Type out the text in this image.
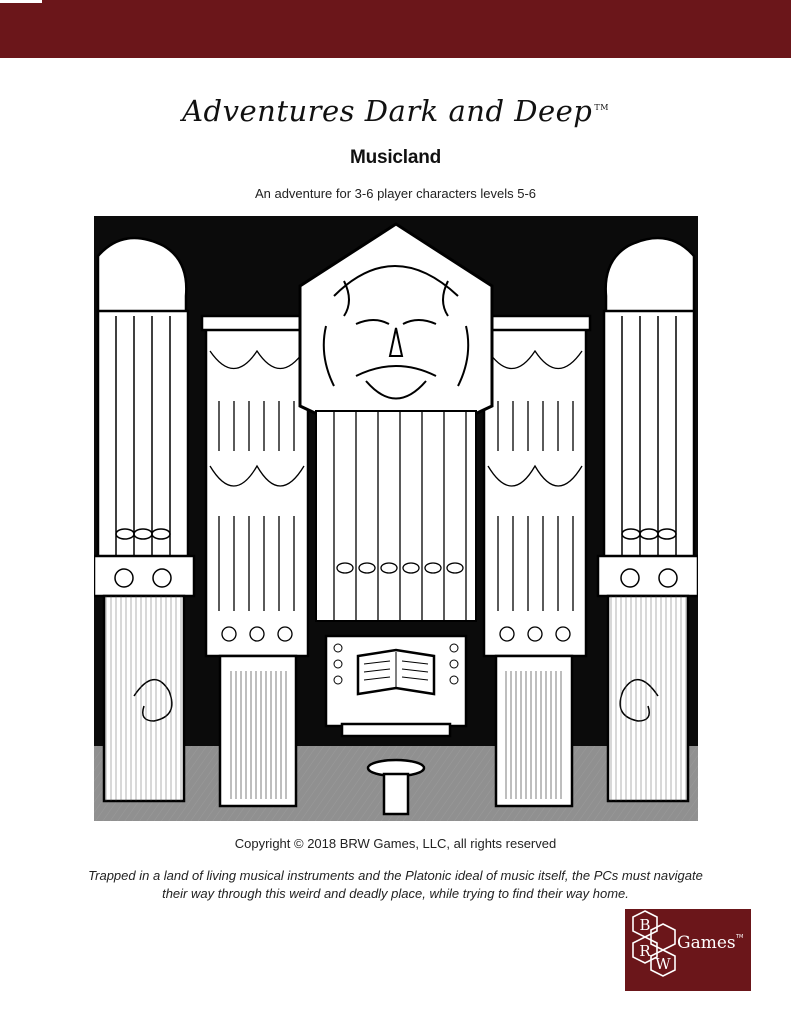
Adventures Dark and Deep ™
Musicland
An adventure for 3-6 player characters levels 5-6
Copyright © 2018 BRW Games, LLC, all rights reserved
Trapped in a land of living musical instruments and the Platonic ideal of music itself, the PCs must navigate their way through this weird and deadly place, while trying to find their way home.
B
R
W
Games TM
